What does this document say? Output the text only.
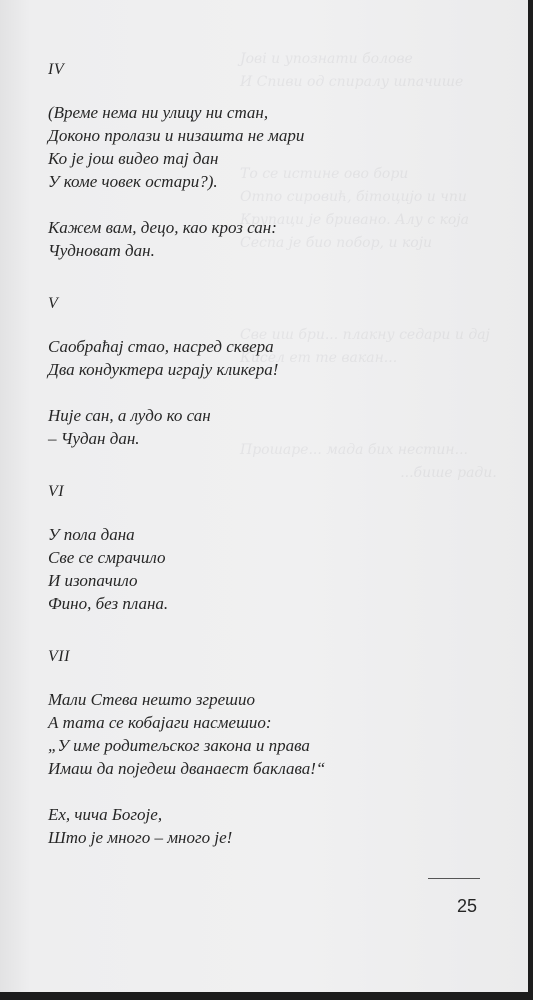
Јові и упознати болове
И Спиви од спиралу шпачише

То се истине ово бори
Отпо сировић, бітоцијо и чпи
Крупаци је бривано. Алу с која
Сеспа је био побор, и који

Све иш бри... плакну седари и дај
Кисел ет те вакан...

Прошаре... мада бих нестин...
...бише ради.

IV

(Време нема ни улицу ни стан,
Доконо пролази и низашта не мари
Ко је још видео тај дан
У коме човек остари?).

Кажем вам, децо, као кроз сан:
Чудноват дан.

V

Саобраћај стао, насред сквера
Два кондуктера играју кликера!

Није сан, а лудо ко сан
– Чудан дан.

VI

У пола дана
Све се смрачило
И изопачило
Фино, без плана.

VII

Мали Стева нешто згрешио
А тата се кобајаги насмешио:
„У име родитељског закона и права
Имаш да поједеш дванаест баклава!“

Ех, чича Богоје,
Што је много – много је!

25
